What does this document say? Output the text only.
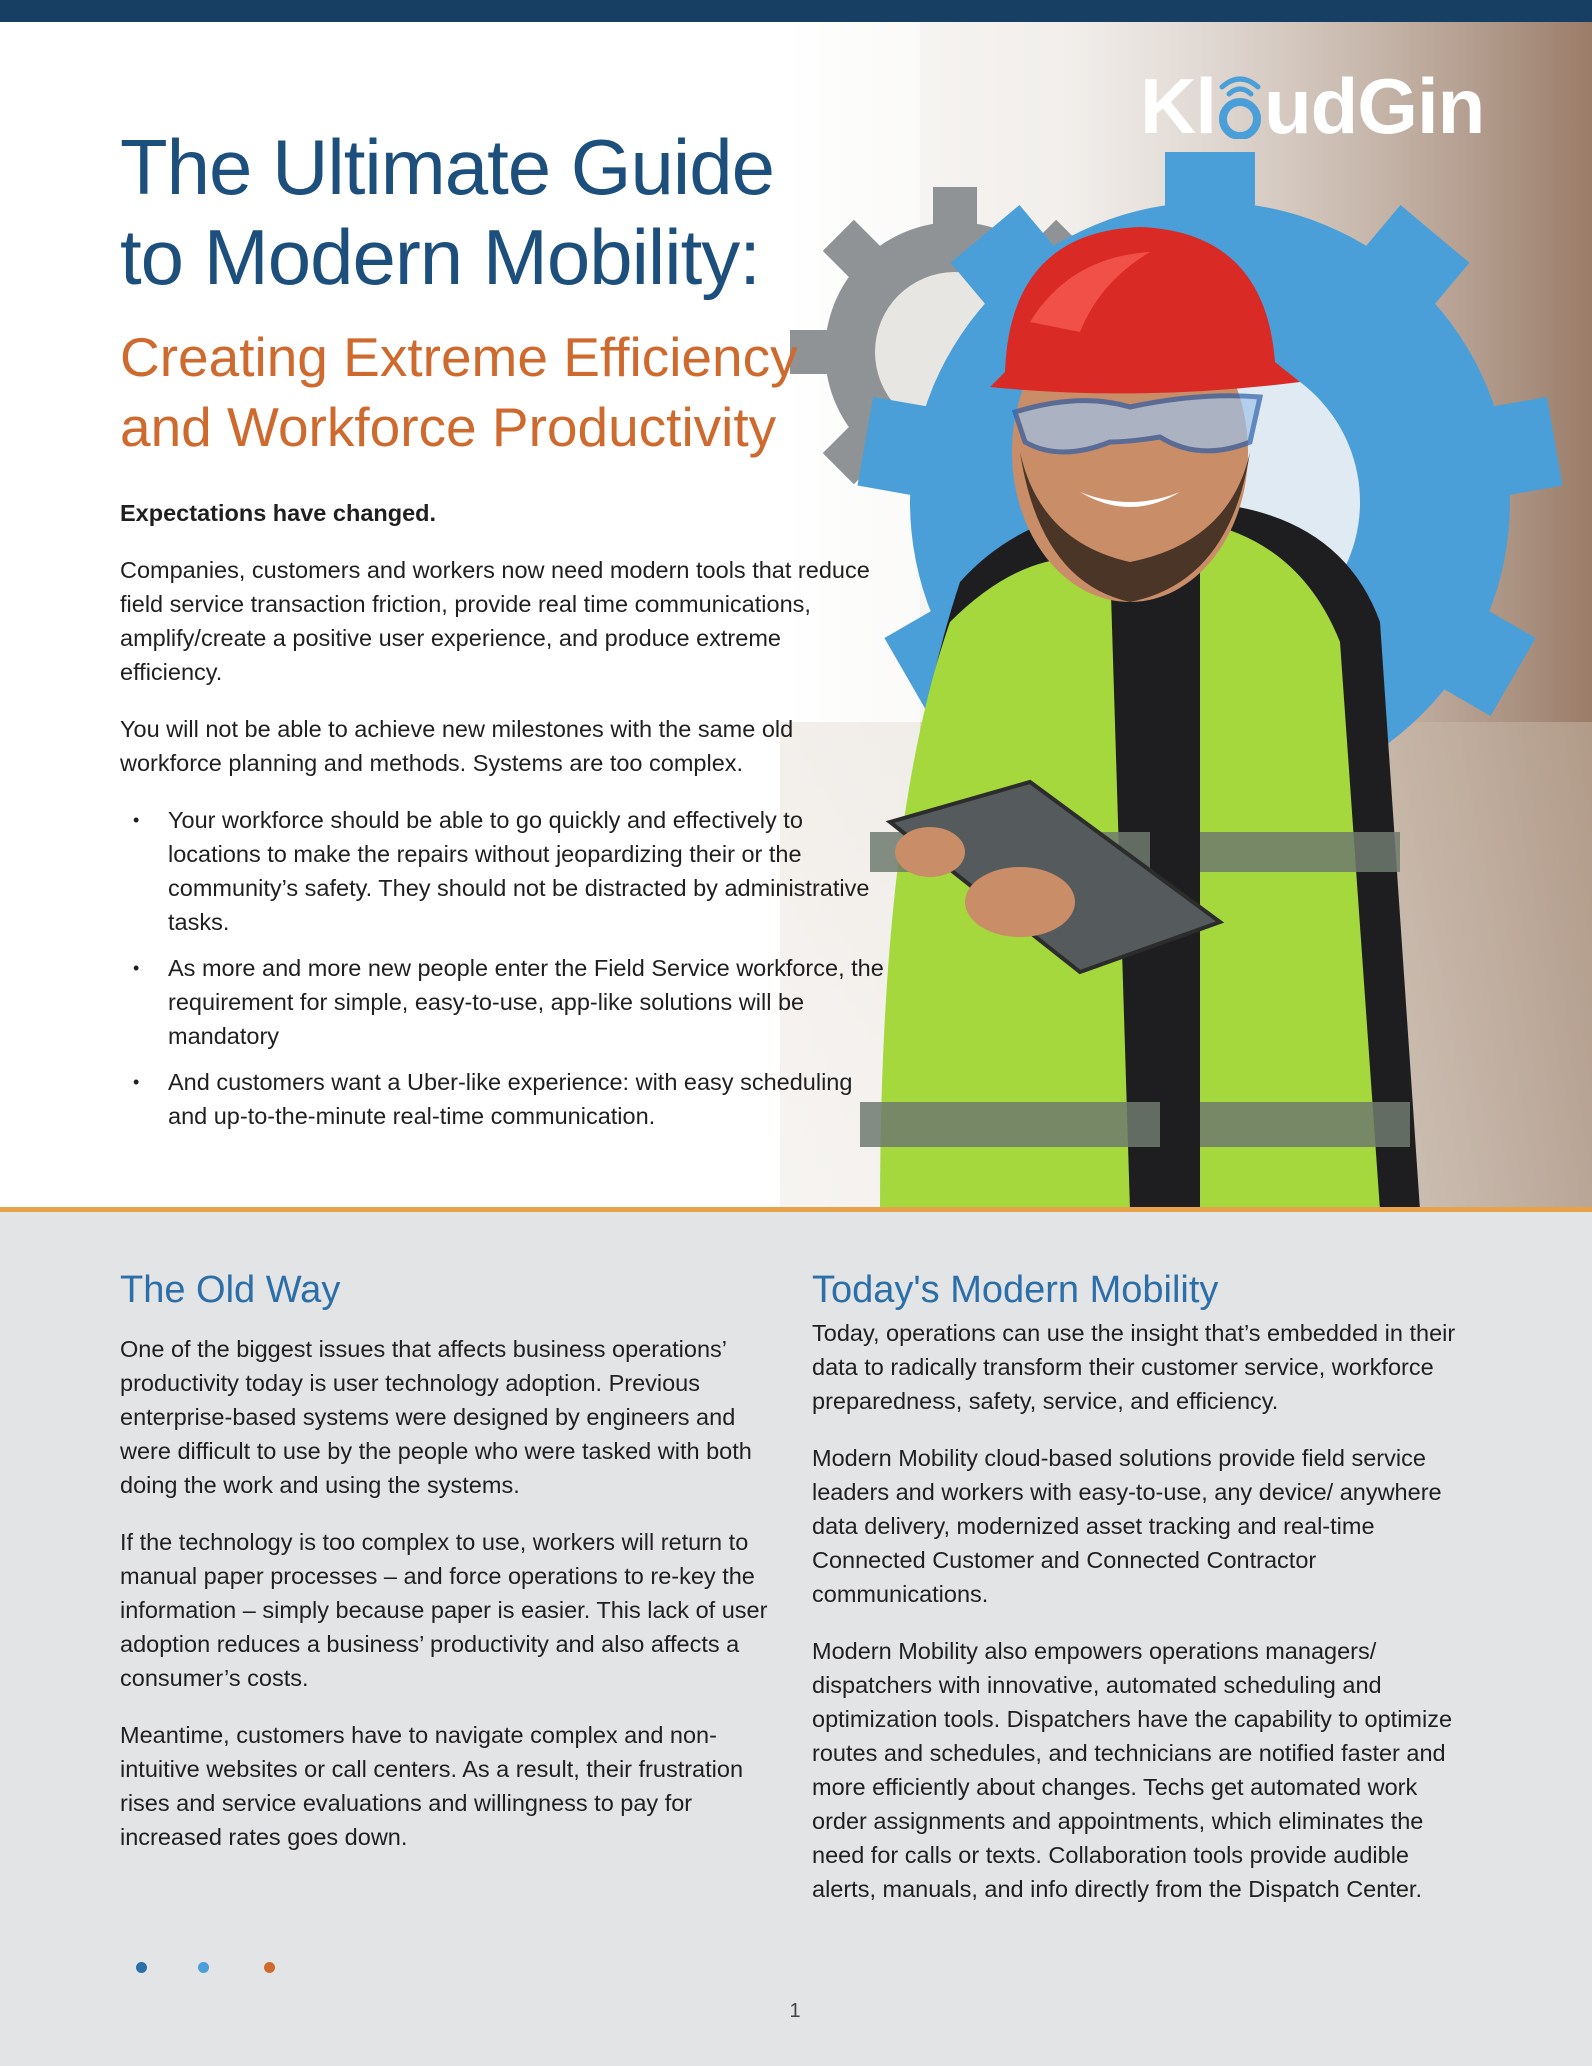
Kl udGin
The Ultimate Guide
to Modern Mobility:
Creating Extreme Efficiency
and Workforce Productivity

Expectations have changed.

Companies, customers and workers now need modern tools that reduce field service transaction friction, provide real time communications, amplify/create a positive user experience, and produce extreme efficiency.

You will not be able to achieve new milestones with the same old workforce planning and methods. Systems are too complex.

• Your workforce should be able to go quickly and effectively to locations to make the repairs without jeopardizing their or the community’s safety. They should not be distracted by administrative tasks.
• As more and more new people enter the Field Service workforce, the requirement for simple, easy-to-use, app-like solutions will be mandatory
• And customers want a Uber-like experience: with easy scheduling and up-to-the-minute real-time communication.
The Old Way

One of the biggest issues that affects business operations’ productivity today is user technology adoption. Previous enterprise-based systems were designed by engineers and were difficult to use by the people who were tasked with both doing the work and using the systems.

If the technology is too complex to use, workers will return to manual paper processes – and force operations to re-key the information – simply because paper is easier. This lack of user adoption reduces a business’ productivity and also affects a consumer’s costs.

Meantime, customers have to navigate complex and non-intuitive websites or call centers. As a result, their frustration rises and service evaluations and willingness to pay for increased rates goes down.

Today's Modern Mobility

Today, operations can use the insight that’s embedded in their data to radically transform their customer service, workforce preparedness, safety, service, and efficiency.

Modern Mobility cloud-based solutions provide field service leaders and workers with easy-to-use, any device/ anywhere data delivery, modernized asset tracking and real-time Connected Customer and Connected Contractor communications.

Modern Mobility also empowers operations managers/ dispatchers with innovative, automated scheduling and optimization tools. Dispatchers have the capability to optimize routes and schedules, and technicians are notified faster and more efficiently about changes. Techs get automated work order assignments and appointments, which eliminates the need for calls or texts. Collaboration tools provide audible alerts, manuals, and info directly from the Dispatch Center.

1
